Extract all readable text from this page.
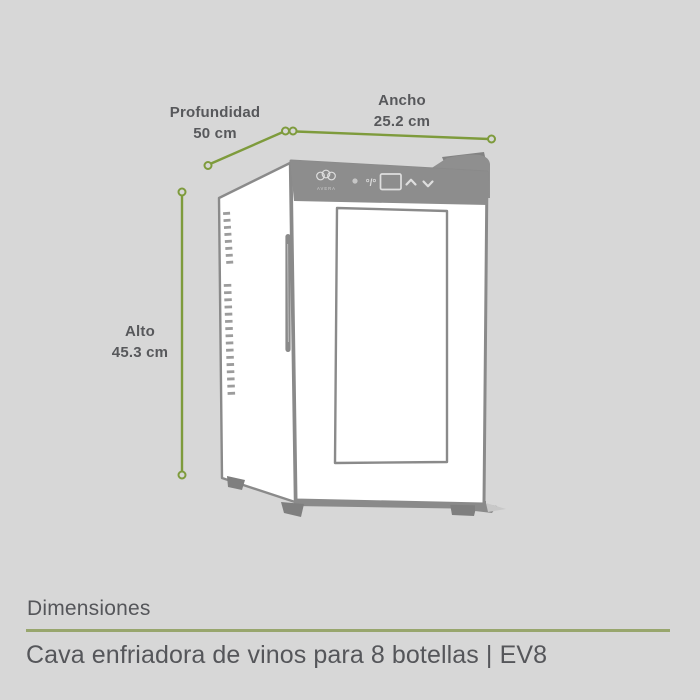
AVERA	°/°
Profundidad
50 cm
Ancho
25.2 cm
Alto
45.3 cm
Dimensiones
Cava enfriadora de vinos para 8 botellas | EV8
